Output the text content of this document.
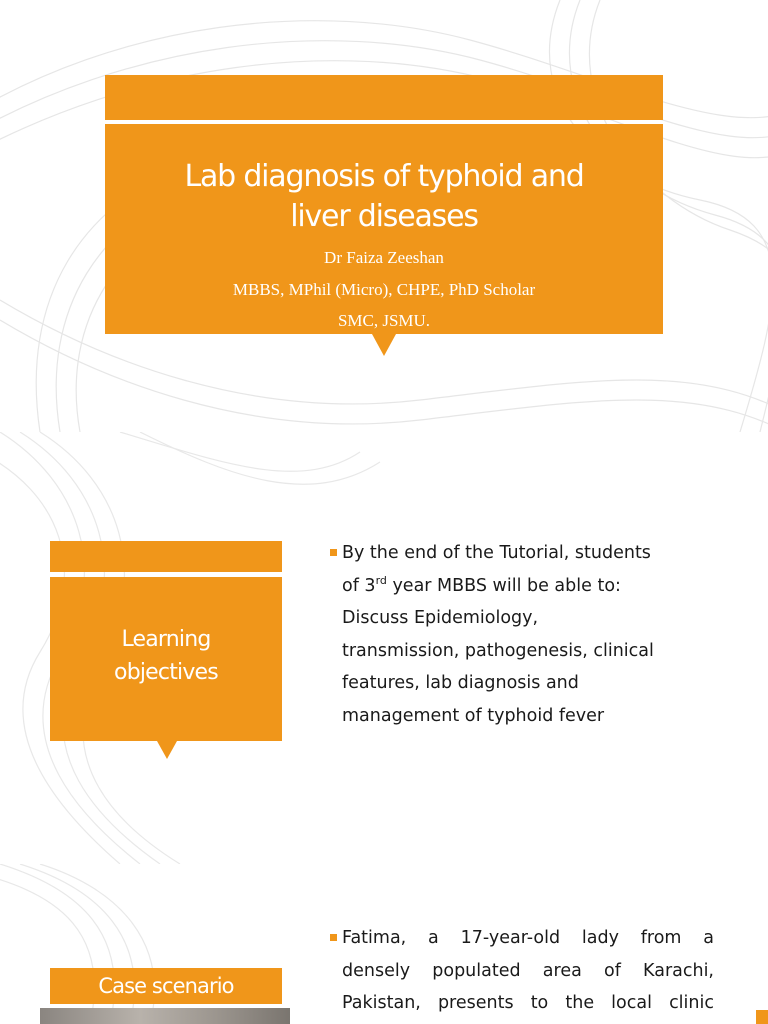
Lab diagnosis of typhoid and
liver diseases
Dr Faiza Zeeshan
MBBS, MPhil (Micro), CHPE, PhD Scholar
SMC, JSMU.
Learning
objectives
By the end of the Tutorial, students
of 3rd year MBBS will be able to:
Discuss Epidemiology,
transmission, pathogenesis, clinical
features, lab diagnosis and
management of typhoid fever
Case scenario
Fatima, a 17-year-old lady from a
densely populated area of Karachi,
Pakistan, presents to the local clinic
